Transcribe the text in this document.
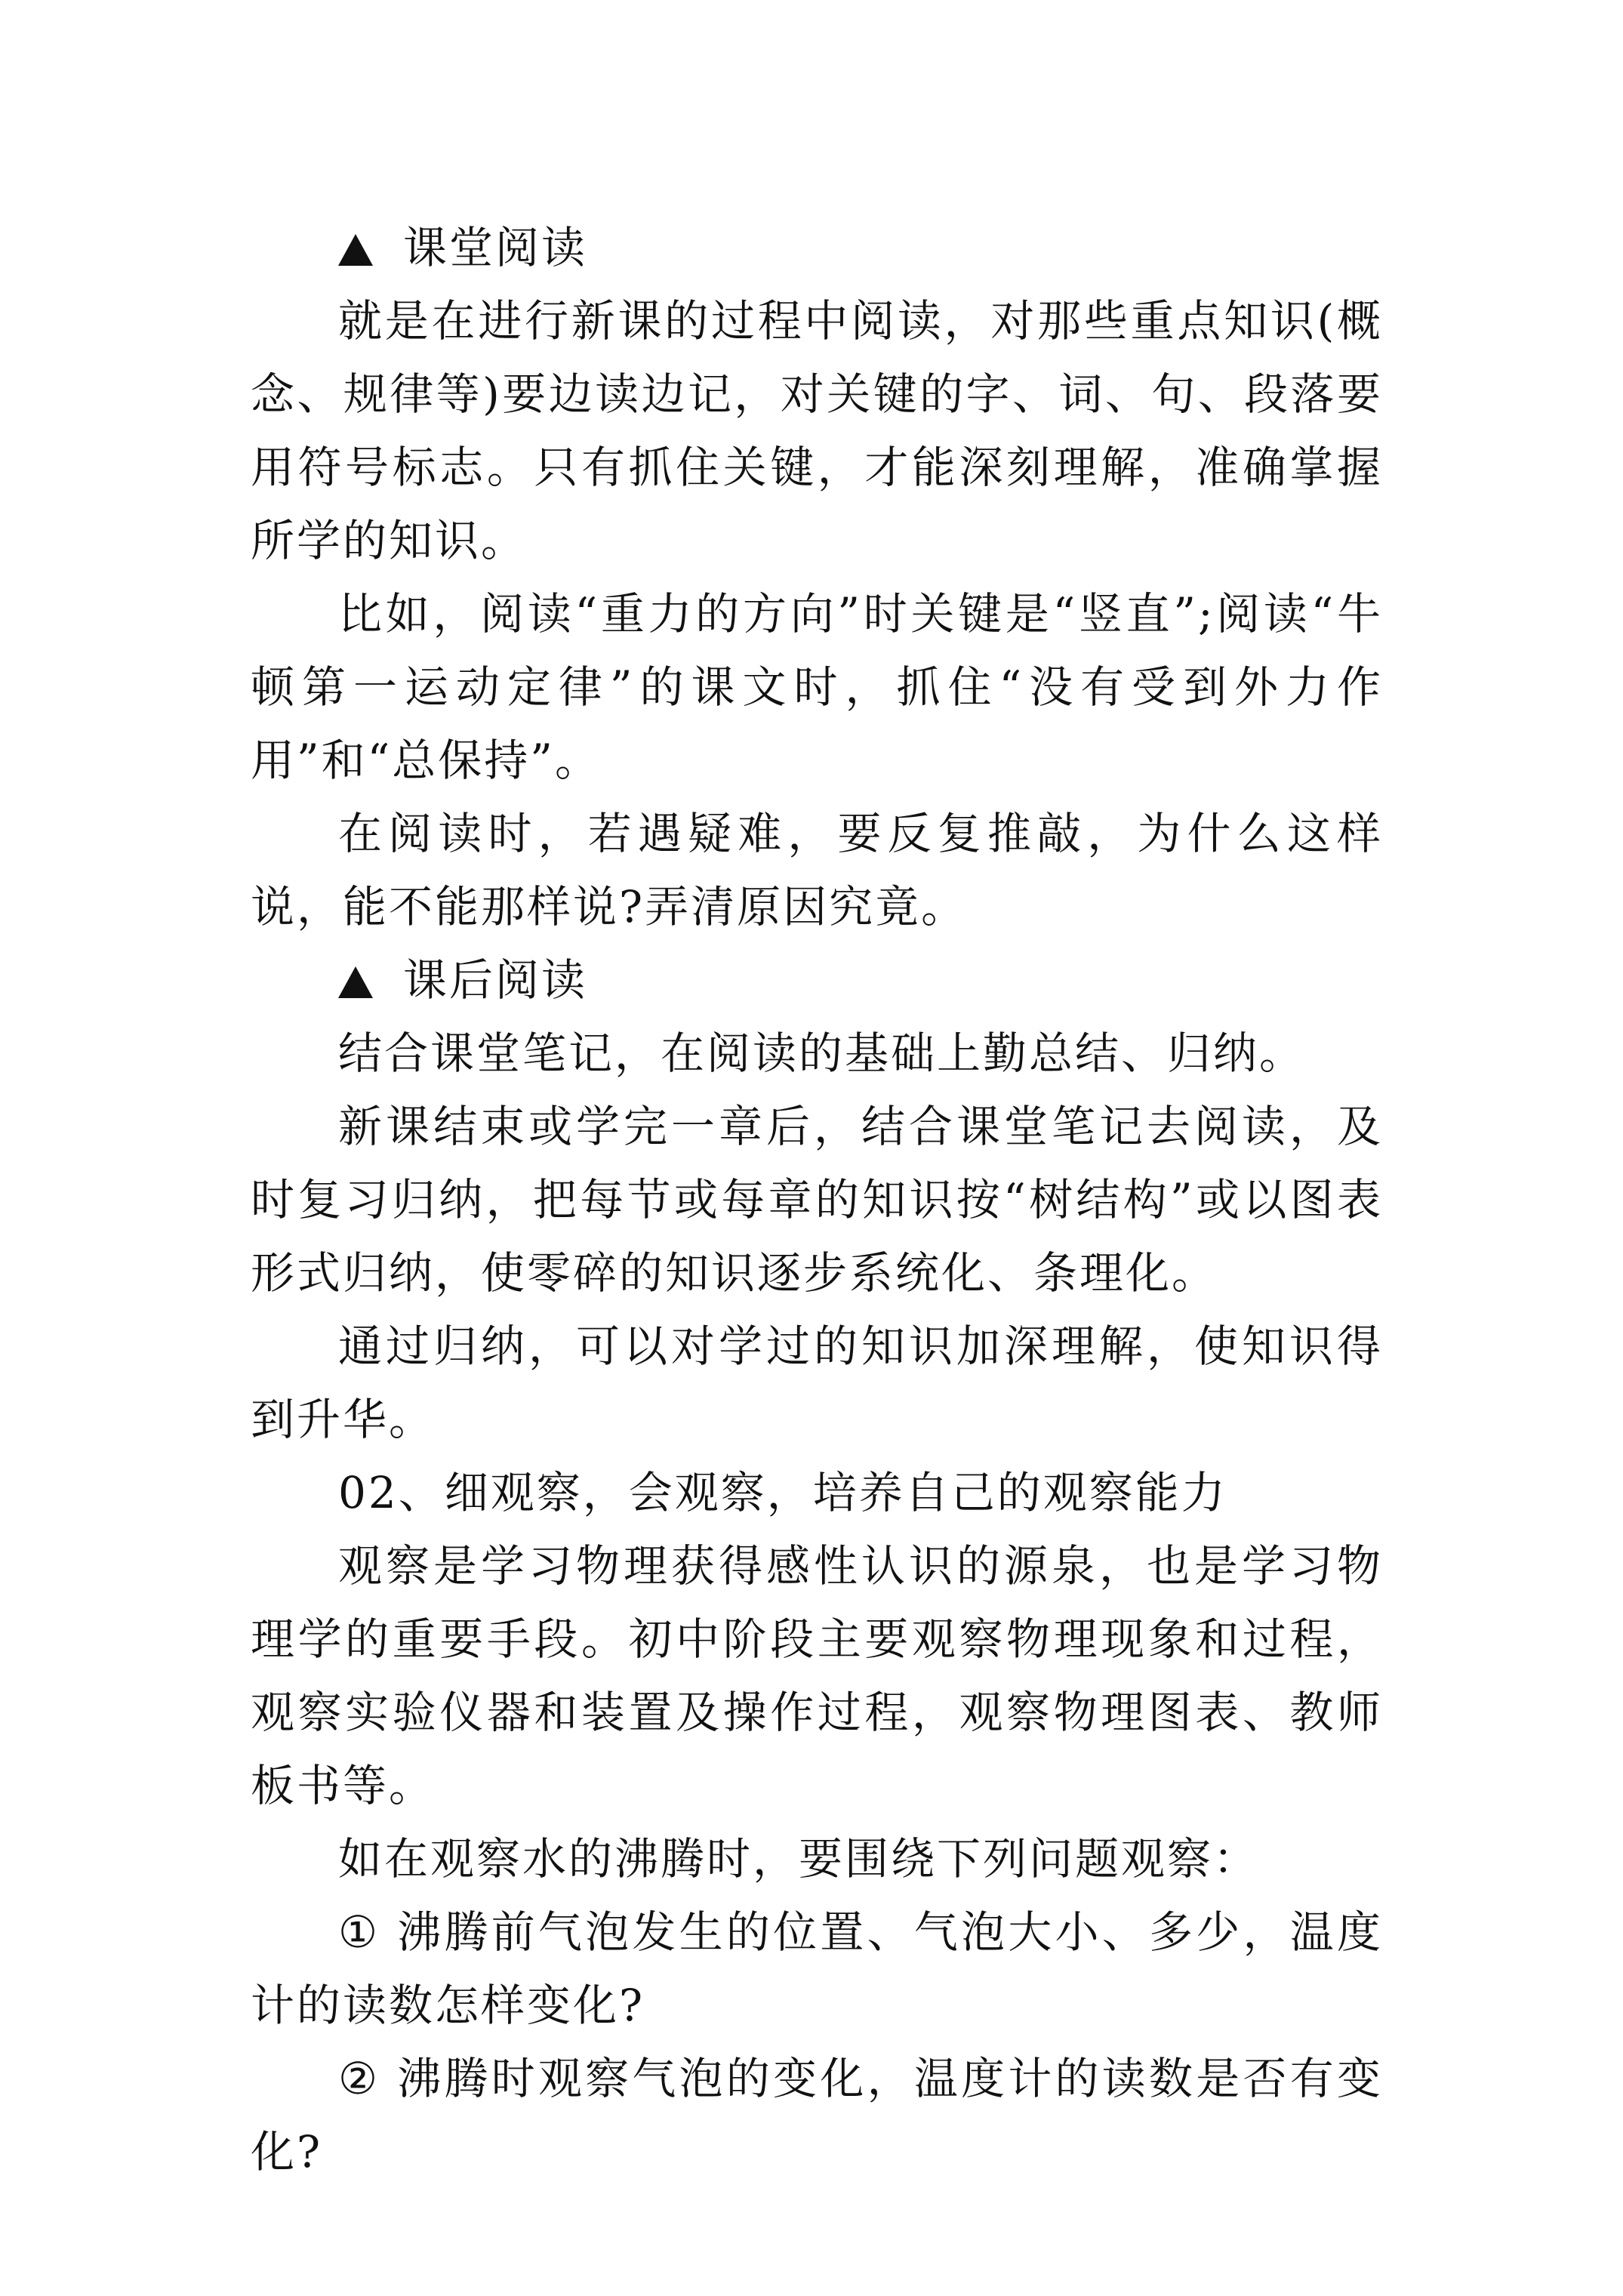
课堂阅读

就是在进行新课的过程中阅读，对那些重点知识(概念、规律等)要边读边记，对关键的字、词、句、段落要用符号标志。只有抓住关键，才能深刻理解，准确掌握所学的知识。

比如，阅读“重力的方向”时关键是“竖直”;阅读“牛顿第一运动定律”的课文时，抓住“没有受到外力作用”和“总保持”。

在阅读时，若遇疑难，要反复推敲，为什么这样说，能不能那样说?弄清原因究竟。

课后阅读

结合课堂笔记，在阅读的基础上勤总结、归纳。

新课结束或学完一章后，结合课堂笔记去阅读，及时复习归纳，把每节或每章的知识按“树结构”或以图表形式归纳，使零碎的知识逐步系统化、条理化。

通过归纳，可以对学过的知识加深理解，使知识得到升华。

02、细观察，会观察，培养自己的观察能力

观察是学习物理获得感性认识的源泉，也是学习物理学的重要手段。初中阶段主要观察物理现象和过程，观察实验仪器和装置及操作过程，观察物理图表、教师板书等。

如在观察水的沸腾时，要围绕下列问题观察：

① 沸腾前气泡发生的位置、气泡大小、多少，温度计的读数怎样变化?

② 沸腾时观察气泡的变化，温度计的读数是否有变化?
